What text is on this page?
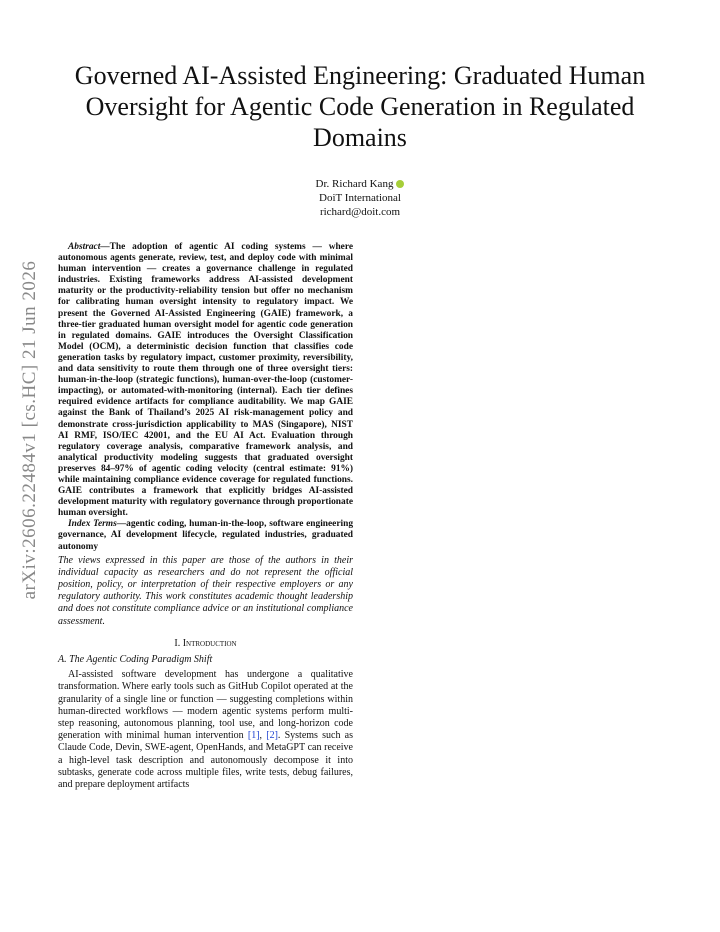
Governed AI-Assisted Engineering: Graduated Human Oversight for Agentic Code Generation in Regulated Domains
Dr. Richard Kang
DoiT International
richard@doit.com
arXiv:2606.22484v1 [cs.HC] 21 Jun 2026

Abstract—The adoption of agentic AI coding systems — where autonomous agents generate, review, test, and deploy code with minimal human intervention — creates a governance challenge in regulated industries. Existing frameworks address AI-assisted development maturity or the productivity-reliability tension but offer no mechanism for calibrating human oversight intensity to regulatory impact. We present the Governed AI-Assisted Engineering (GAIE) framework, a three-tier graduated human oversight model for agentic code generation in regulated domains. GAIE introduces the Oversight Classification Model (OCM), a deterministic decision function that classifies code generation tasks by regulatory impact, customer proximity, reversibility, and data sensitivity to route them through one of three oversight tiers: human-in-the-loop (strategic functions), human-over-the-loop (customer-impacting), or automated-with-monitoring (internal). Each tier defines required evidence artifacts for compliance auditability. We map GAIE against the Bank of Thailand’s 2025 AI risk-management policy and demonstrate cross-jurisdiction applicability to MAS (Singapore), NIST AI RMF, ISO/IEC 42001, and the EU AI Act. Evaluation through regulatory coverage analysis, comparative framework analysis, and analytical productivity modeling suggests that graduated oversight preserves 84–97% of agentic coding velocity (central estimate: 91%) while maintaining compliance evidence coverage for regulated functions. GAIE contributes a framework that explicitly bridges AI-assisted development maturity with regulatory governance through proportionate human oversight.

Index Terms—agentic coding, human-in-the-loop, software engineering governance, AI development lifecycle, regulated industries, graduated autonomy

The views expressed in this paper are those of the authors in their individual capacity as researchers and do not represent the official position, policy, or interpretation of their respective employers or any regulatory authority. This work constitutes academic thought leadership and does not constitute compliance advice or an institutional compliance assessment.

I. Introduction
A. The Agentic Coding Paradigm Shift

AI-assisted software development has undergone a qualitative transformation. Where early tools such as GitHub Copilot operated at the granularity of a single line or function — suggesting completions within human-directed workflows — modern agentic systems perform multi-step reasoning, autonomous planning, tool use, and long-horizon code generation with minimal human intervention [1], [2]. Systems such as Claude Code, Devin, SWE-agent, OpenHands, and MetaGPT can receive a high-level task description and autonomously decompose it into subtasks, generate code across multiple files, write tests, debug failures, and prepare deployment artifacts
